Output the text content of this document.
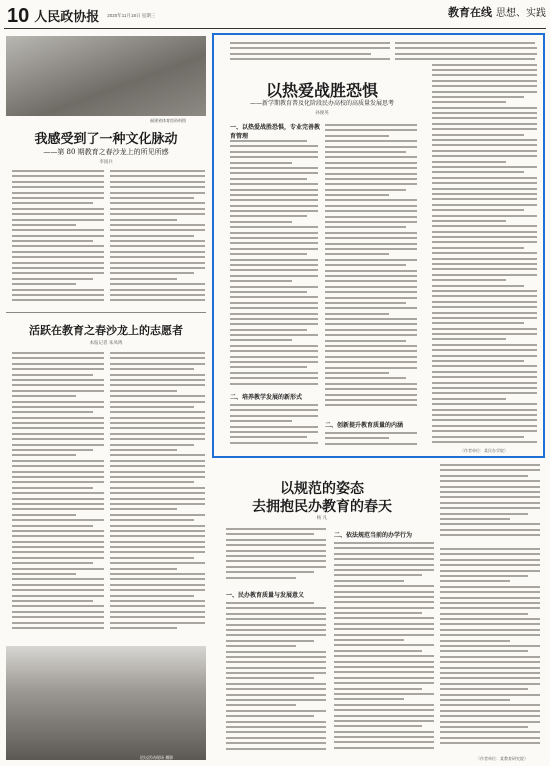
10 人民政协报 2020年11月18日 星期三	教育在线 思想、实践
福建省体育馆资料图
我感受到了一种文化脉动
——第 80 期教育之春沙龙上的所见所感
李国兵
活跃在教育之春沙龙上的志愿者
本报记者 朱凤鸣
论坛活动现场 摄影
以热爱战胜恐惧
——新学期教育普及化阶段民办高校的高质量发展思考
孙俊英
一、以热爱战胜恐惧，专业完善教育管理
二、培养教学发展的新形式
二、创新提升教育质量的内涵
（作者单位：某民办学院）
以规范的姿态
去拥抱民办教育的春天
杨 凡
一、民办教育质量与发展意义
二、依法规范当前的办学行为
（作者单位：某教育研究院）
